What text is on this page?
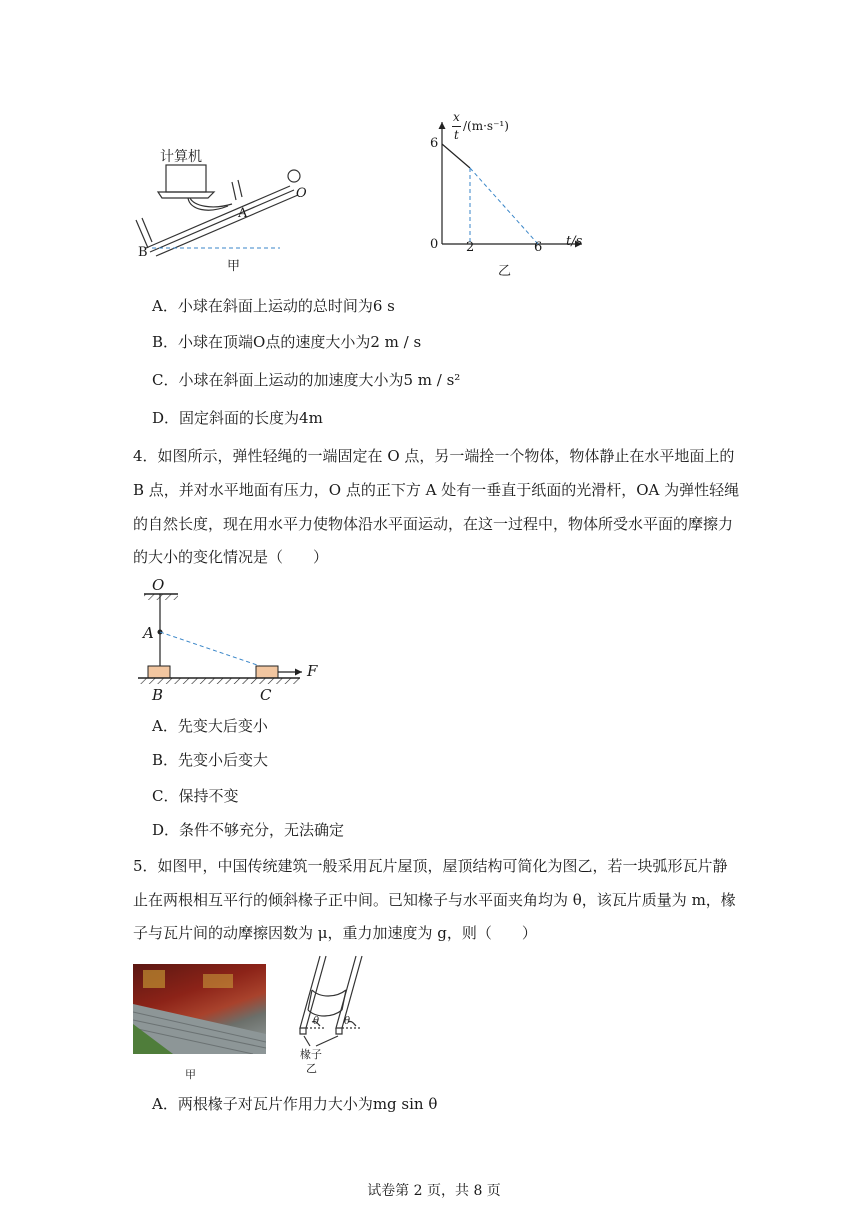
计算机
O
A
B
甲
x
t
/(m·s⁻¹)
6
0 2	6 t/s
乙
A．小球在斜面上运动的总时间为6 s
B．小球在顶端O点的速度大小为2 m / s
C．小球在斜面上运动的加速度大小为5 m / s²
D．固定斜面的长度为4m
4．如图所示，弹性轻绳的一端固定在 O 点，另一端拴一个物体，物体静止在水平地面上的
B 点，并对水平地面有压力，O 点的正下方 A 处有一垂直于纸面的光滑杆，OA 为弹性轻绳
的自然长度，现在用水平力使物体沿水平面运动，在这一过程中，物体所受水平面的摩擦力
的大小的变化情况是（　　）
O
A
B	C
F
A．先变大后变小
B．先变小后变大
C．保持不变
D．条件不够充分，无法确定
5．如图甲，中国传统建筑一般采用瓦片屋顶，屋顶结构可简化为图乙，若一块弧形瓦片静
止在两根相互平行的倾斜椽子正中间。已知椽子与水平面夹角均为 θ，该瓦片质量为 m，椽
子与瓦片间的动摩擦因数为 μ，重力加速度为 g，则（　　）
甲
θ θ
椽子
乙
A．两根椽子对瓦片作用力大小为mg sin θ
试卷第 2 页，共 8 页
